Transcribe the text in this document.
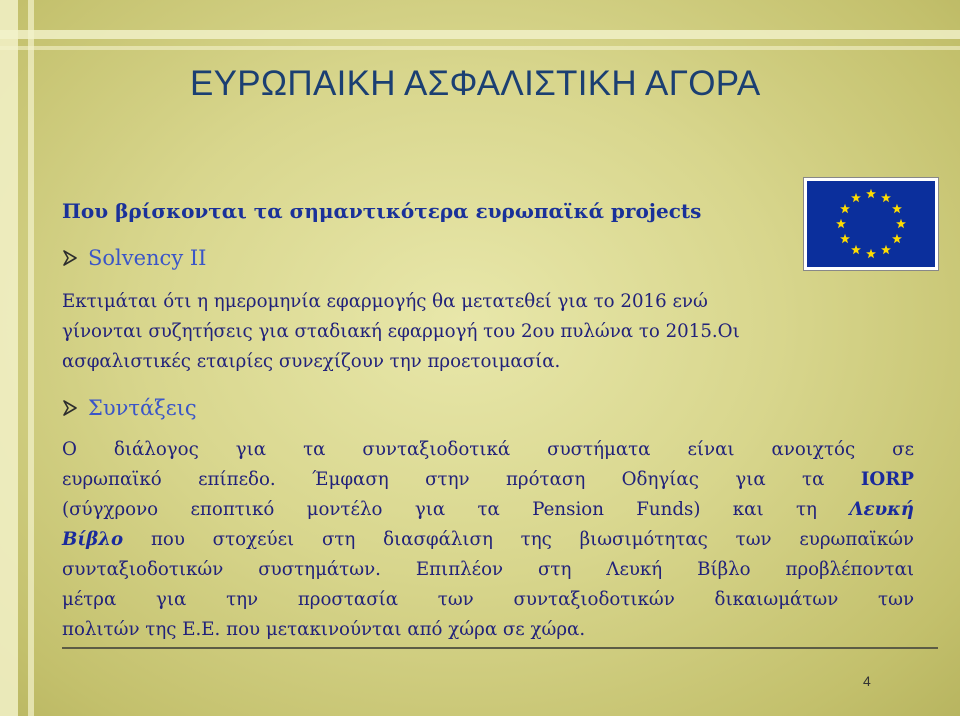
ΕΥΡΩΠΑΙΚΗ ΑΣΦΑΛΙΣΤΙΚΗ ΑΓΟΡΑ
Που βρίσκονται τα σημαντικότερα ευρωπαϊκά projects
Solvency II
Εκτιμάται ότι η ημερομηνία εφαρμογής θα μετατεθεί για το 2016 ενώ
γίνονται συζητήσεις για σταδιακή εφαρμογή του 2ου πυλώνα το 2015.Οι
ασφαλιστικές εταιρίες συνεχίζουν την προετοιμασία.
Συντάξεις
Ο διάλογος για τα συνταξιοδοτικά συστήματα είναι ανοιχτός σε
ευρωπαϊκό επίπεδο. Έμφαση στην πρόταση Οδηγίας για τα IORP
(σύγχρονο εποπτικό μοντέλο για τα Pension Funds) και τη Λευκή
Βίβλο που στοχεύει στη διασφάλιση της βιωσιμότητας των ευρωπαϊκών
συνταξιοδοτικών συστημάτων. Επιπλέον στη Λευκή Βίβλο προβλέπονται
μέτρα για την προστασία των συνταξιοδοτικών δικαιωμάτων των
πολιτών της Ε.Ε. που μετακινούνται από χώρα σε χώρα.
4
